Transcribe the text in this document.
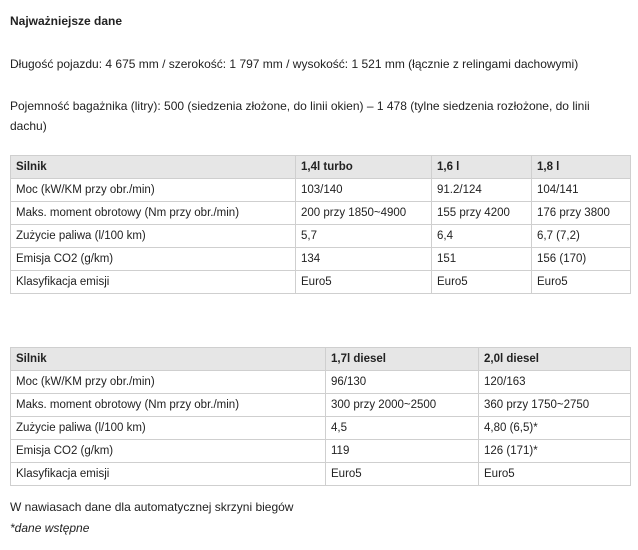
Najważniejsze dane
Długość pojazdu: 4 675 mm / szerokość: 1 797 mm / wysokość: 1 521 mm (łącznie z relingami dachowymi)
Pojemność bagażnika (litry): 500 (siedzenia złożone, do linii okien) – 1 478 (tylne siedzenia rozłożone, do linii dachu)
Silnik	1,4l turbo	1,6 l	1,8 l
Moc (kW/KM przy obr./min)	103/140	91.2/124	104/141
Maks. moment obrotowy (Nm przy obr./min)	200 przy 1850~4900	155 przy 4200	176 przy 3800
Zużycie paliwa (l/100 km)	5,7	6,4	6,7 (7,2)
Emisja CO2 (g/km)	134	151	156 (170)
Klasyfikacja emisji	Euro5	Euro5	Euro5
Silnik	1,7l diesel	2,0l diesel
Moc (kW/KM przy obr./min)	96/130	120/163
Maks. moment obrotowy (Nm przy obr./min)	300 przy 2000~2500	360 przy 1750~2750
Zużycie paliwa (l/100 km)	4,5	4,80 (6,5)*
Emisja CO2 (g/km)	119	126 (171)*
Klasyfikacja emisji	Euro5	Euro5
W nawiasach dane dla automatycznej skrzyni biegów
*dane wstępne
